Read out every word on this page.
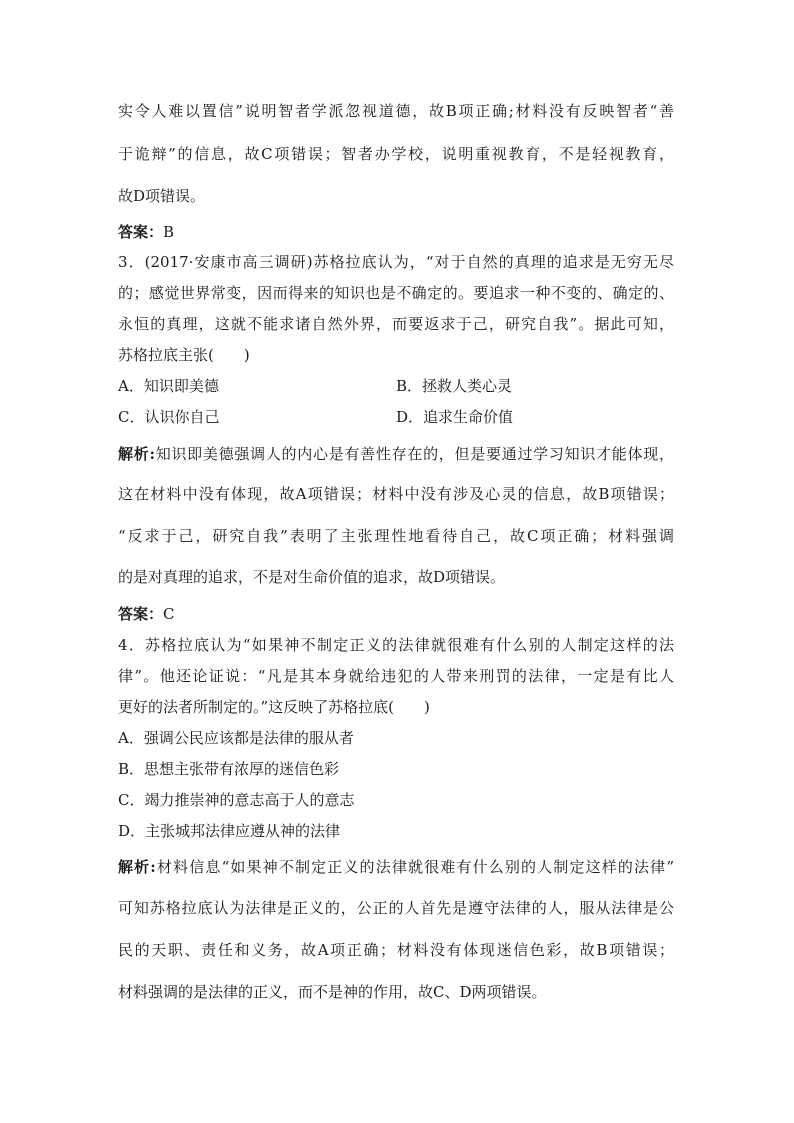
实令人难以置信”说明智者学派忽视道德，故B项正确;材料没有反映智者“善
于诡辩”的信息，故C项错误；智者办学校，说明重视教育，不是轻视教育，
故D项错误。
答案：B
3．(2017·安康市高三调研)苏格拉底认为，“对于自然的真理的追求是无穷无尽
的；感觉世界常变，因而得来的知识也是不确定的。要追求一种不变的、确定的、
永恒的真理，这就不能求诸自然外界，而要返求于己，研究自我”。据此可知，
苏格拉底主张(　　)
A．知识即美德	B．拯救人类心灵
C．认识你自己	D．追求生命价值
解析:知识即美德强调人的内心是有善性存在的，但是要通过学习知识才能体现，
这在材料中没有体现，故A项错误；材料中没有涉及心灵的信息，故B项错误；
“反求于己，研究自我”表明了主张理性地看待自己，故C项正确；材料强调
的是对真理的追求，不是对生命价值的追求，故D项错误。
答案：C
4．苏格拉底认为“如果神不制定正义的法律就很难有什么别的人制定这样的法
律”。他还论证说：“凡是其本身就给违犯的人带来刑罚的法律，一定是有比人
更好的法者所制定的。”这反映了苏格拉底(　　)
A．强调公民应该都是法律的服从者
B．思想主张带有浓厚的迷信色彩
C．竭力推崇神的意志高于人的意志
D．主张城邦法律应遵从神的法律
解析:材料信息“如果神不制定正义的法律就很难有什么别的人制定这样的法律”
可知苏格拉底认为法律是正义的，公正的人首先是遵守法律的人，服从法律是公
民的天职、责任和义务，故A项正确；材料没有体现迷信色彩，故B项错误；
材料强调的是法律的正义，而不是神的作用，故C、D两项错误。
